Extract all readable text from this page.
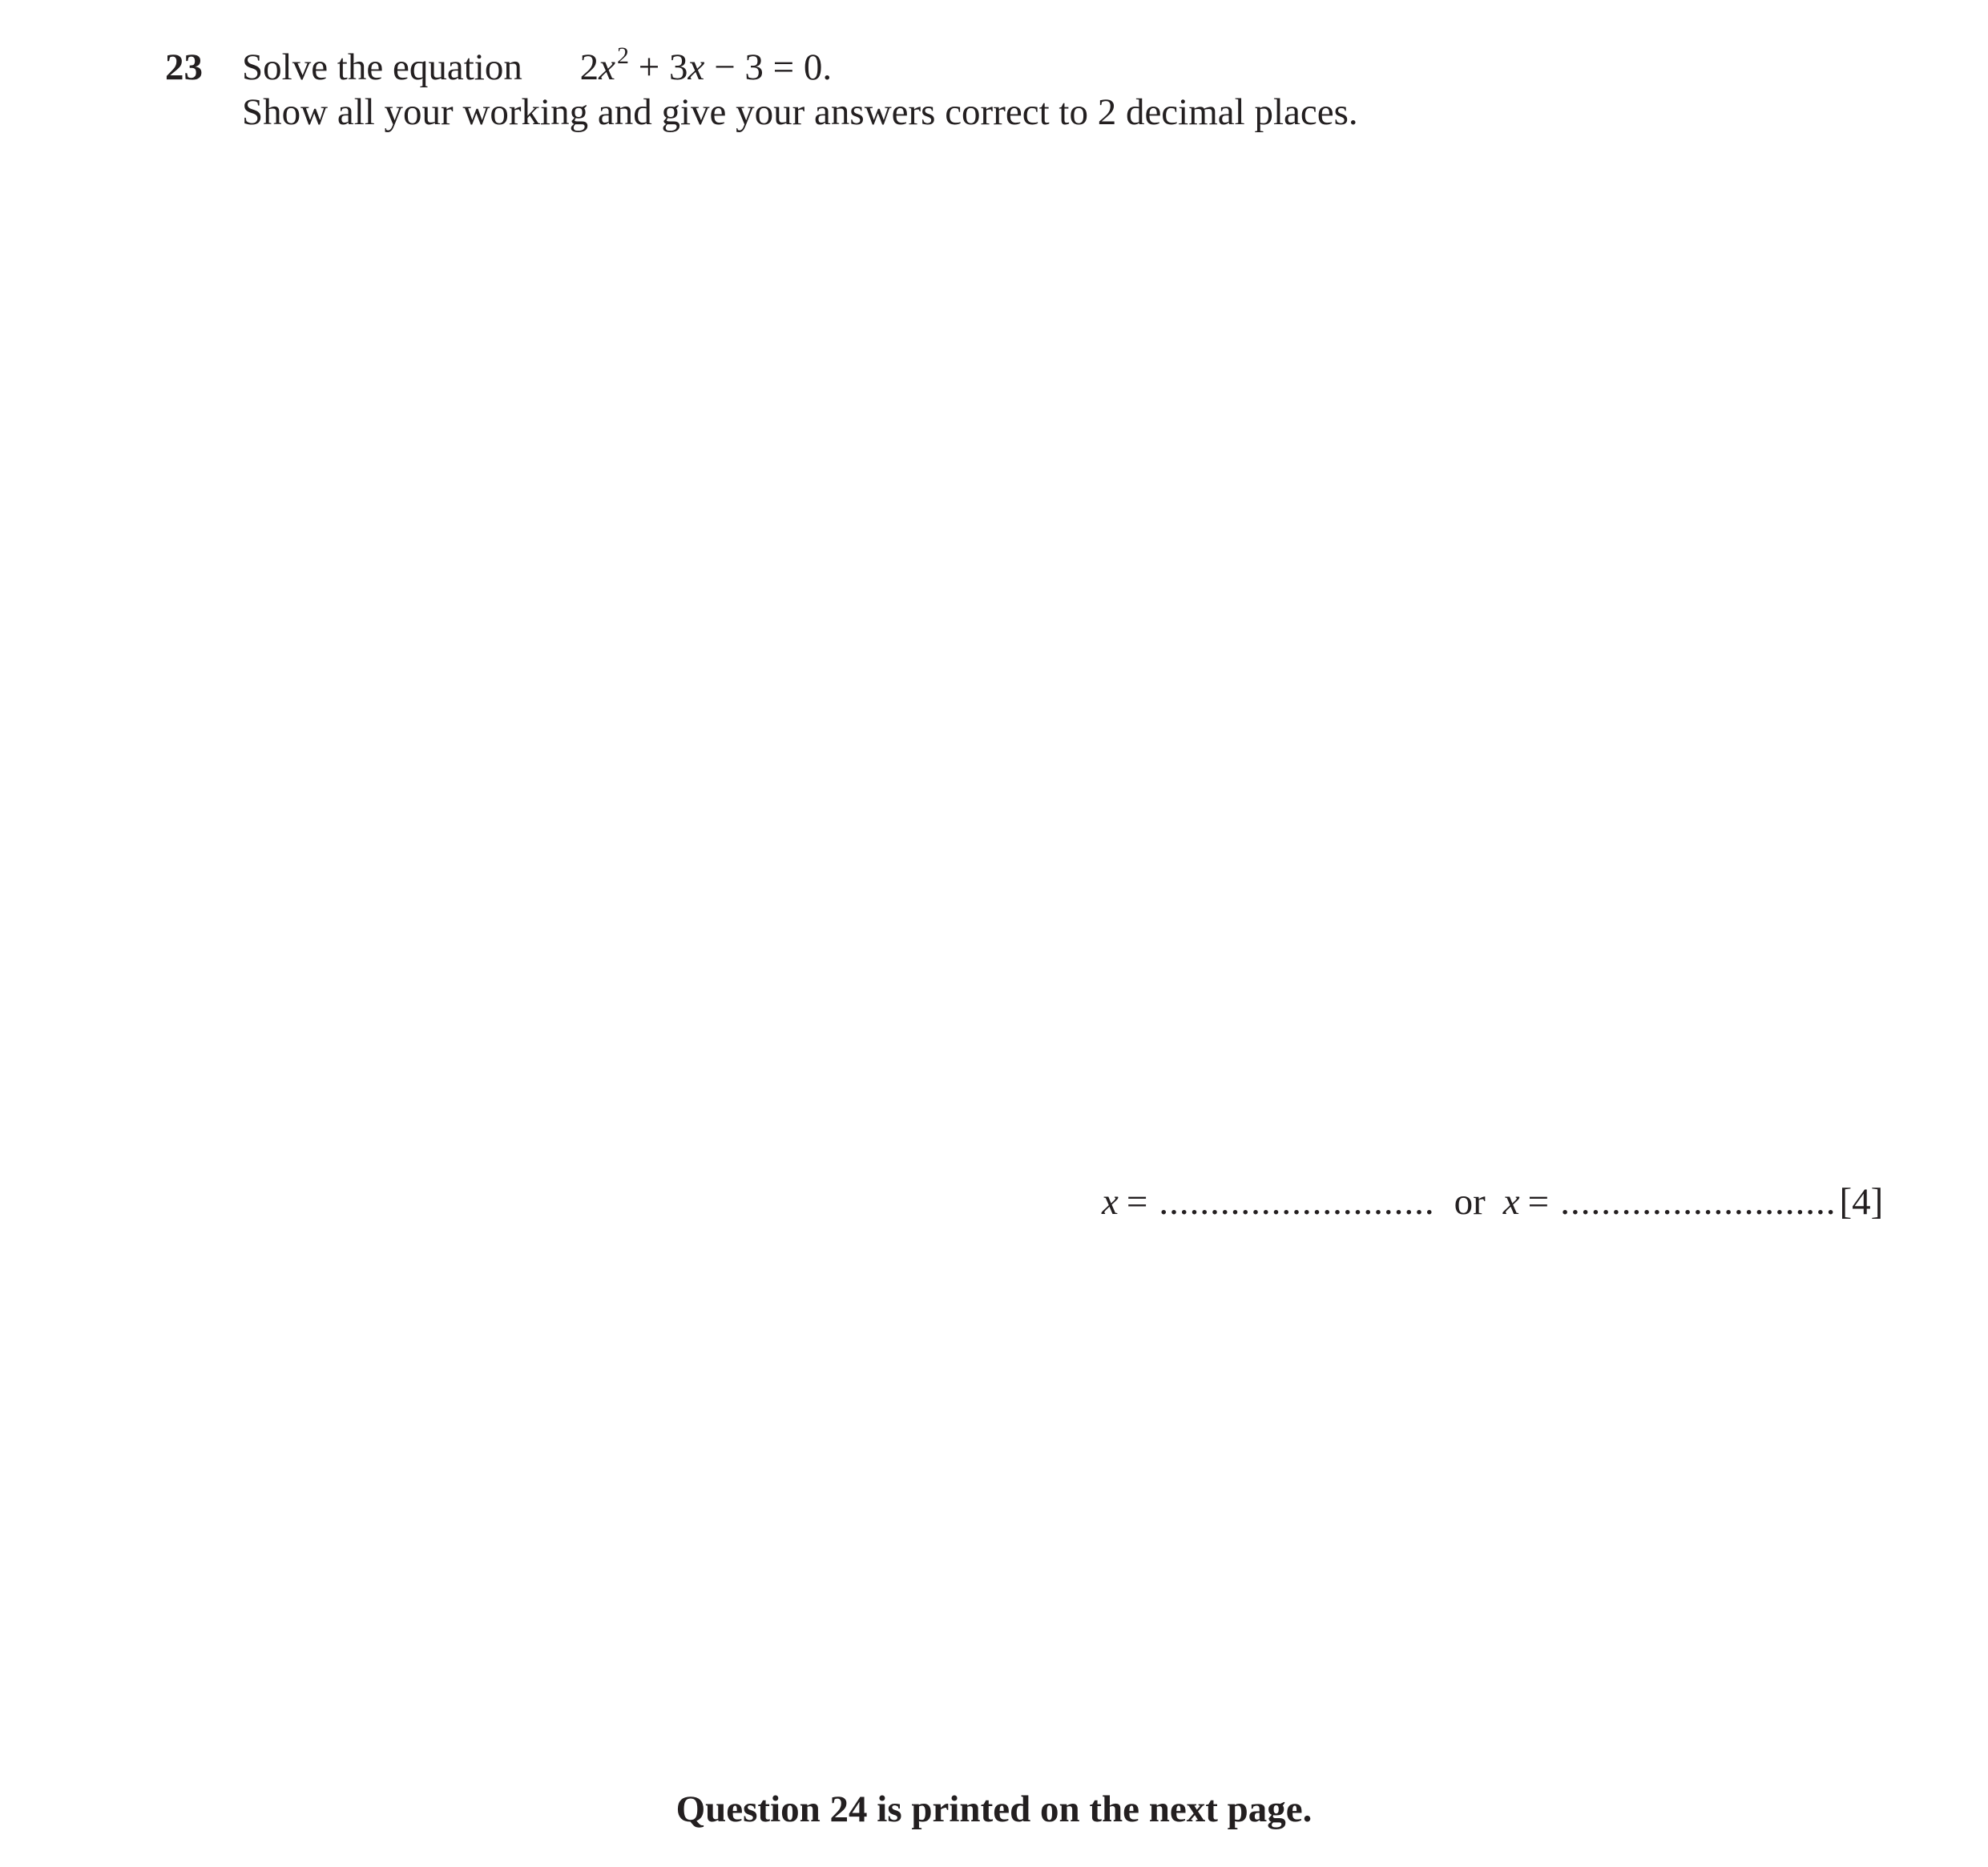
23 Solve the equation $2x^2 + 3x - 3 = 0$.
Show all your working and give your answers correct to 2 decimal places.
x = ........................... or x = ........................... [4]
Question 24 is printed on the next page.
